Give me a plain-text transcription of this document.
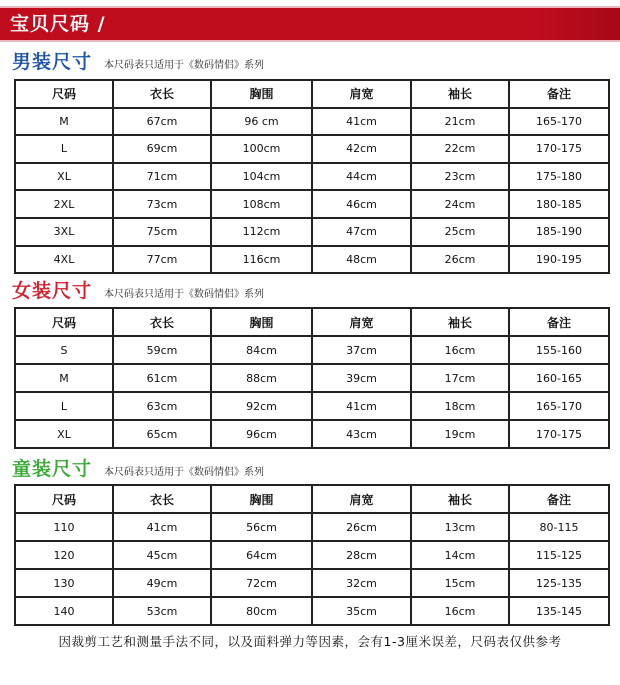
宝贝尺码 /
男装尺寸 本尺码表只适用于《数码情侣》系列
尺码	衣长	胸围	肩宽	袖长	备注
M	67cm	96 cm	41cm	21cm	165-170
L	69cm	100cm	42cm	22cm	170-175
XL	71cm	104cm	44cm	23cm	175-180
2XL	73cm	108cm	46cm	24cm	180-185
3XL	75cm	112cm	47cm	25cm	185-190
4XL	77cm	116cm	48cm	26cm	190-195
女装尺寸 本尺码表只适用于《数码情侣》系列
尺码	衣长	胸围	肩宽	袖长	备注
S	59cm	84cm	37cm	16cm	155-160
M	61cm	88cm	39cm	17cm	160-165
L	63cm	92cm	41cm	18cm	165-170
XL	65cm	96cm	43cm	19cm	170-175
童装尺寸 本尺码表只适用于《数码情侣》系列
尺码	衣长	胸围	肩宽	袖长	备注
110	41cm	56cm	26cm	13cm	80-115
120	45cm	64cm	28cm	14cm	115-125
130	49cm	72cm	32cm	15cm	125-135
140	53cm	80cm	35cm	16cm	135-145
因裁剪工艺和测量手法不同，以及面料弹力等因素，会有1-3厘米误差，尺码表仅供参考
